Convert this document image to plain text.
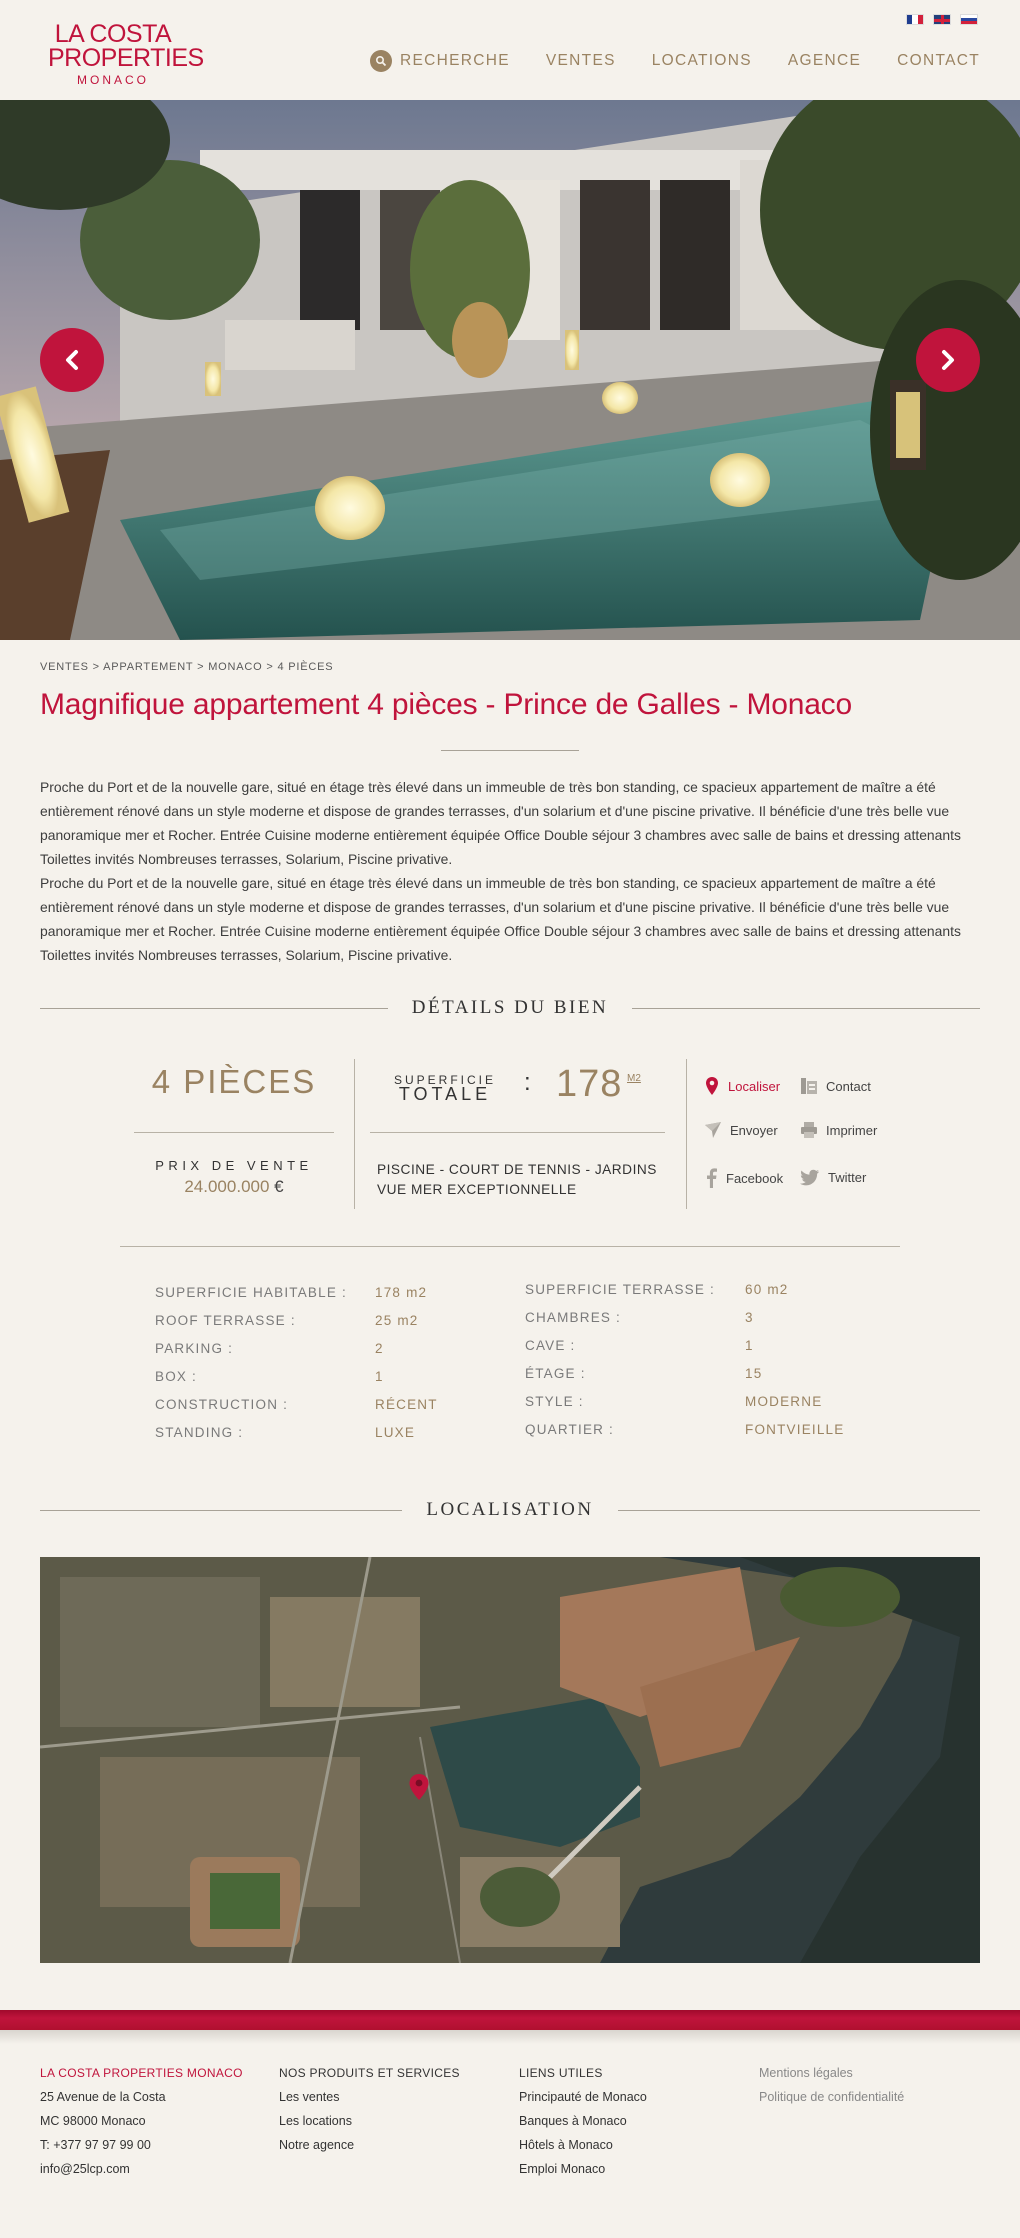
LA COSTA
PROPERTIES
MONACO
RECHERCHE VENTES LOCATIONS AGENCE CONTACT
VENTES > APPARTEMENT > MONACO > 4 PIÈCES
Magnifique appartement 4 pièces - Prince de Galles - Monaco

Proche du Port et de la nouvelle gare, situé en étage très élevé dans un immeuble de très bon standing, ce spacieux appartement de maître a été entièrement rénové dans un style moderne et dispose de grandes terrasses, d'un solarium et d'une piscine privative. Il bénéficie d'une très belle vue panoramique mer et Rocher. Entrée Cuisine moderne entièrement équipée Office Double séjour 3 chambres avec salle de bains et dressing attenants Toilettes invités Nombreuses terrasses, Solarium, Piscine privative.

Proche du Port et de la nouvelle gare, situé en étage très élevé dans un immeuble de très bon standing, ce spacieux appartement de maître a été entièrement rénové dans un style moderne et dispose de grandes terrasses, d'un solarium et d'une piscine privative. Il bénéficie d'une très belle vue panoramique mer et Rocher. Entrée Cuisine moderne entièrement équipée Office Double séjour 3 chambres avec salle de bains et dressing attenants Toilettes invités Nombreuses terrasses, Solarium, Piscine privative.

DÉTAILS DU BIEN
4 PIÈCES
PRIX DE VENTE
24.000.000 €
SUPERFICIE
TOTALE	: 178 M2
PISCINE - COURT DE TENNIS - JARDINS
VUE MER EXCEPTIONNELLE
Localiser	Contact
Envoyer	Imprimer
Facebook	Twitter
SUPERFICIE HABITABLE :	178 m2
ROOF TERRASSE :	25 m2
PARKING :	2
BOX :	1
CONSTRUCTION :	RÉCENT
STANDING :	LUXE
SUPERFICIE TERRASSE :	60 m2
CHAMBRES :	3
CAVE :	1
ÉTAGE :	15
STYLE :	MODERNE
QUARTIER :	FONTVIEILLE
LOCALISATION
LA COSTA PROPERTIES MONACO
25 Avenue de la Costa
MC 98000 Monaco
T: +377 97 97 99 00
info@25lcp.com
NOS PRODUITS ET SERVICES
Les ventes
Les locations
Notre agence
LIENS UTILES
Principauté de Monaco
Banques à Monaco
Hôtels à Monaco
Emploi Monaco
Mentions légales
Politique de confidentialité
